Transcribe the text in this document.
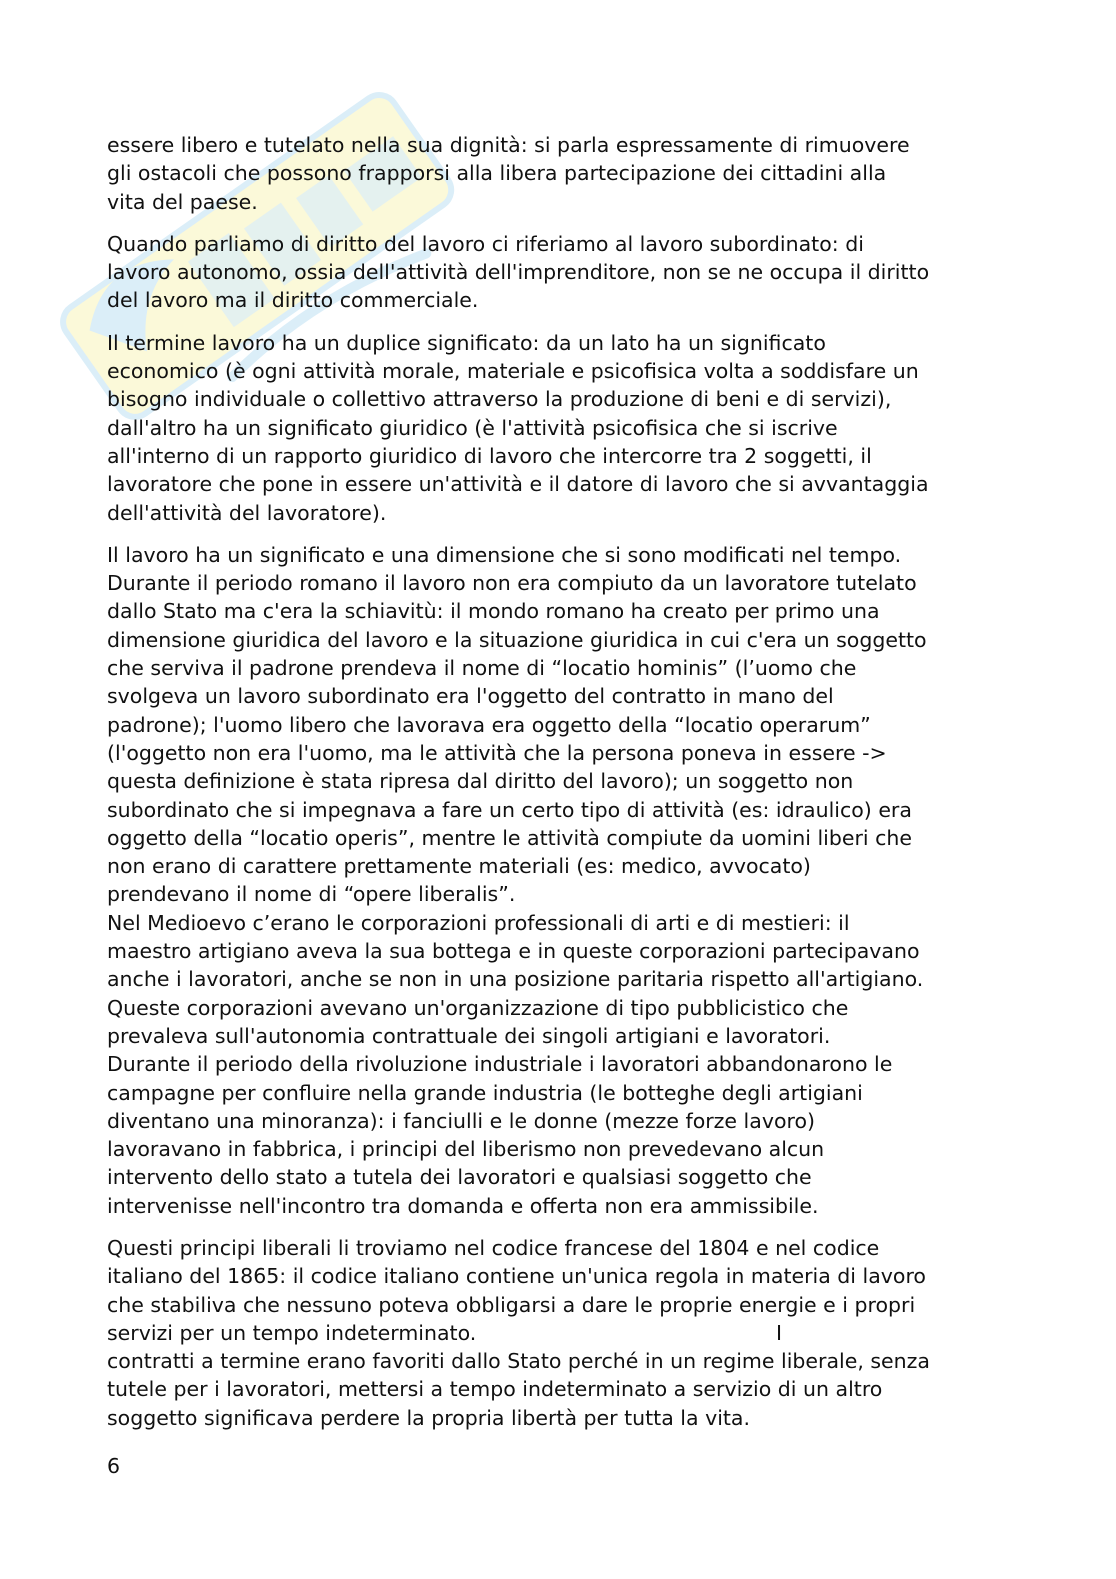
essere libero e tutelato nella sua dignità: si parla espressamente di rimuovere
gli ostacoli che possono frapporsi alla libera partecipazione dei cittadini alla
vita del paese.

Quando parliamo di diritto del lavoro ci riferiamo al lavoro subordinato: di
lavoro autonomo, ossia dell'attività dell'imprenditore, non se ne occupa il diritto
del lavoro ma il diritto commerciale.

Il termine lavoro ha un duplice significato: da un lato ha un significato
economico (è ogni attività morale, materiale e psicofisica volta a soddisfare un
bisogno individuale o collettivo attraverso la produzione di beni e di servizi),
dall'altro ha un significato giuridico (è l'attività psicofisica che si iscrive
all'interno di un rapporto giuridico di lavoro che intercorre tra 2 soggetti, il
lavoratore che pone in essere un'attività e il datore di lavoro che si avvantaggia
dell'attività del lavoratore).

Il lavoro ha un significato e una dimensione che si sono modificati nel tempo.
Durante il periodo romano il lavoro non era compiuto da un lavoratore tutelato
dallo Stato ma c'era la schiavitù: il mondo romano ha creato per primo una
dimensione giuridica del lavoro e la situazione giuridica in cui c'era un soggetto
che serviva il padrone prendeva il nome di “locatio hominis” (l’uomo che
svolgeva un lavoro subordinato era l'oggetto del contratto in mano del
padrone); l'uomo libero che lavorava era oggetto della “locatio operarum”
(l'oggetto non era l'uomo, ma le attività che la persona poneva in essere ->
questa definizione è stata ripresa dal diritto del lavoro); un soggetto non
subordinato che si impegnava a fare un certo tipo di attività (es: idraulico) era
oggetto della “locatio operis”, mentre le attività compiute da uomini liberi che
non erano di carattere prettamente materiali (es: medico, avvocato)
prendevano il nome di “opere liberalis”.
Nel Medioevo c’erano le corporazioni professionali di arti e di mestieri: il
maestro artigiano aveva la sua bottega e in queste corporazioni partecipavano
anche i lavoratori, anche se non in una posizione paritaria rispetto all'artigiano.
Queste corporazioni avevano un'organizzazione di tipo pubblicistico che
prevaleva sull'autonomia contrattuale dei singoli artigiani e lavoratori.
Durante il periodo della rivoluzione industriale i lavoratori abbandonarono le
campagne per confluire nella grande industria (le botteghe degli artigiani
diventano una minoranza): i fanciulli e le donne (mezze forze lavoro)
lavoravano in fabbrica, i principi del liberismo non prevedevano alcun
intervento dello stato a tutela dei lavoratori e qualsiasi soggetto che
intervenisse nell'incontro tra domanda e offerta non era ammissibile.

Questi principi liberali li troviamo nel codice francese del 1804 e nel codice
italiano del 1865: il codice italiano contiene un'unica regola in materia di lavoro
che stabiliva che nessuno poteva obbligarsi a dare le proprie energie e i propri
servizi per un tempo indeterminato.                                              I
contratti a termine erano favoriti dallo Stato perché in un regime liberale, senza
tutele per i lavoratori, mettersi a tempo indeterminato a servizio di un altro
soggetto significava perdere la propria libertà per tutta la vita.

6
